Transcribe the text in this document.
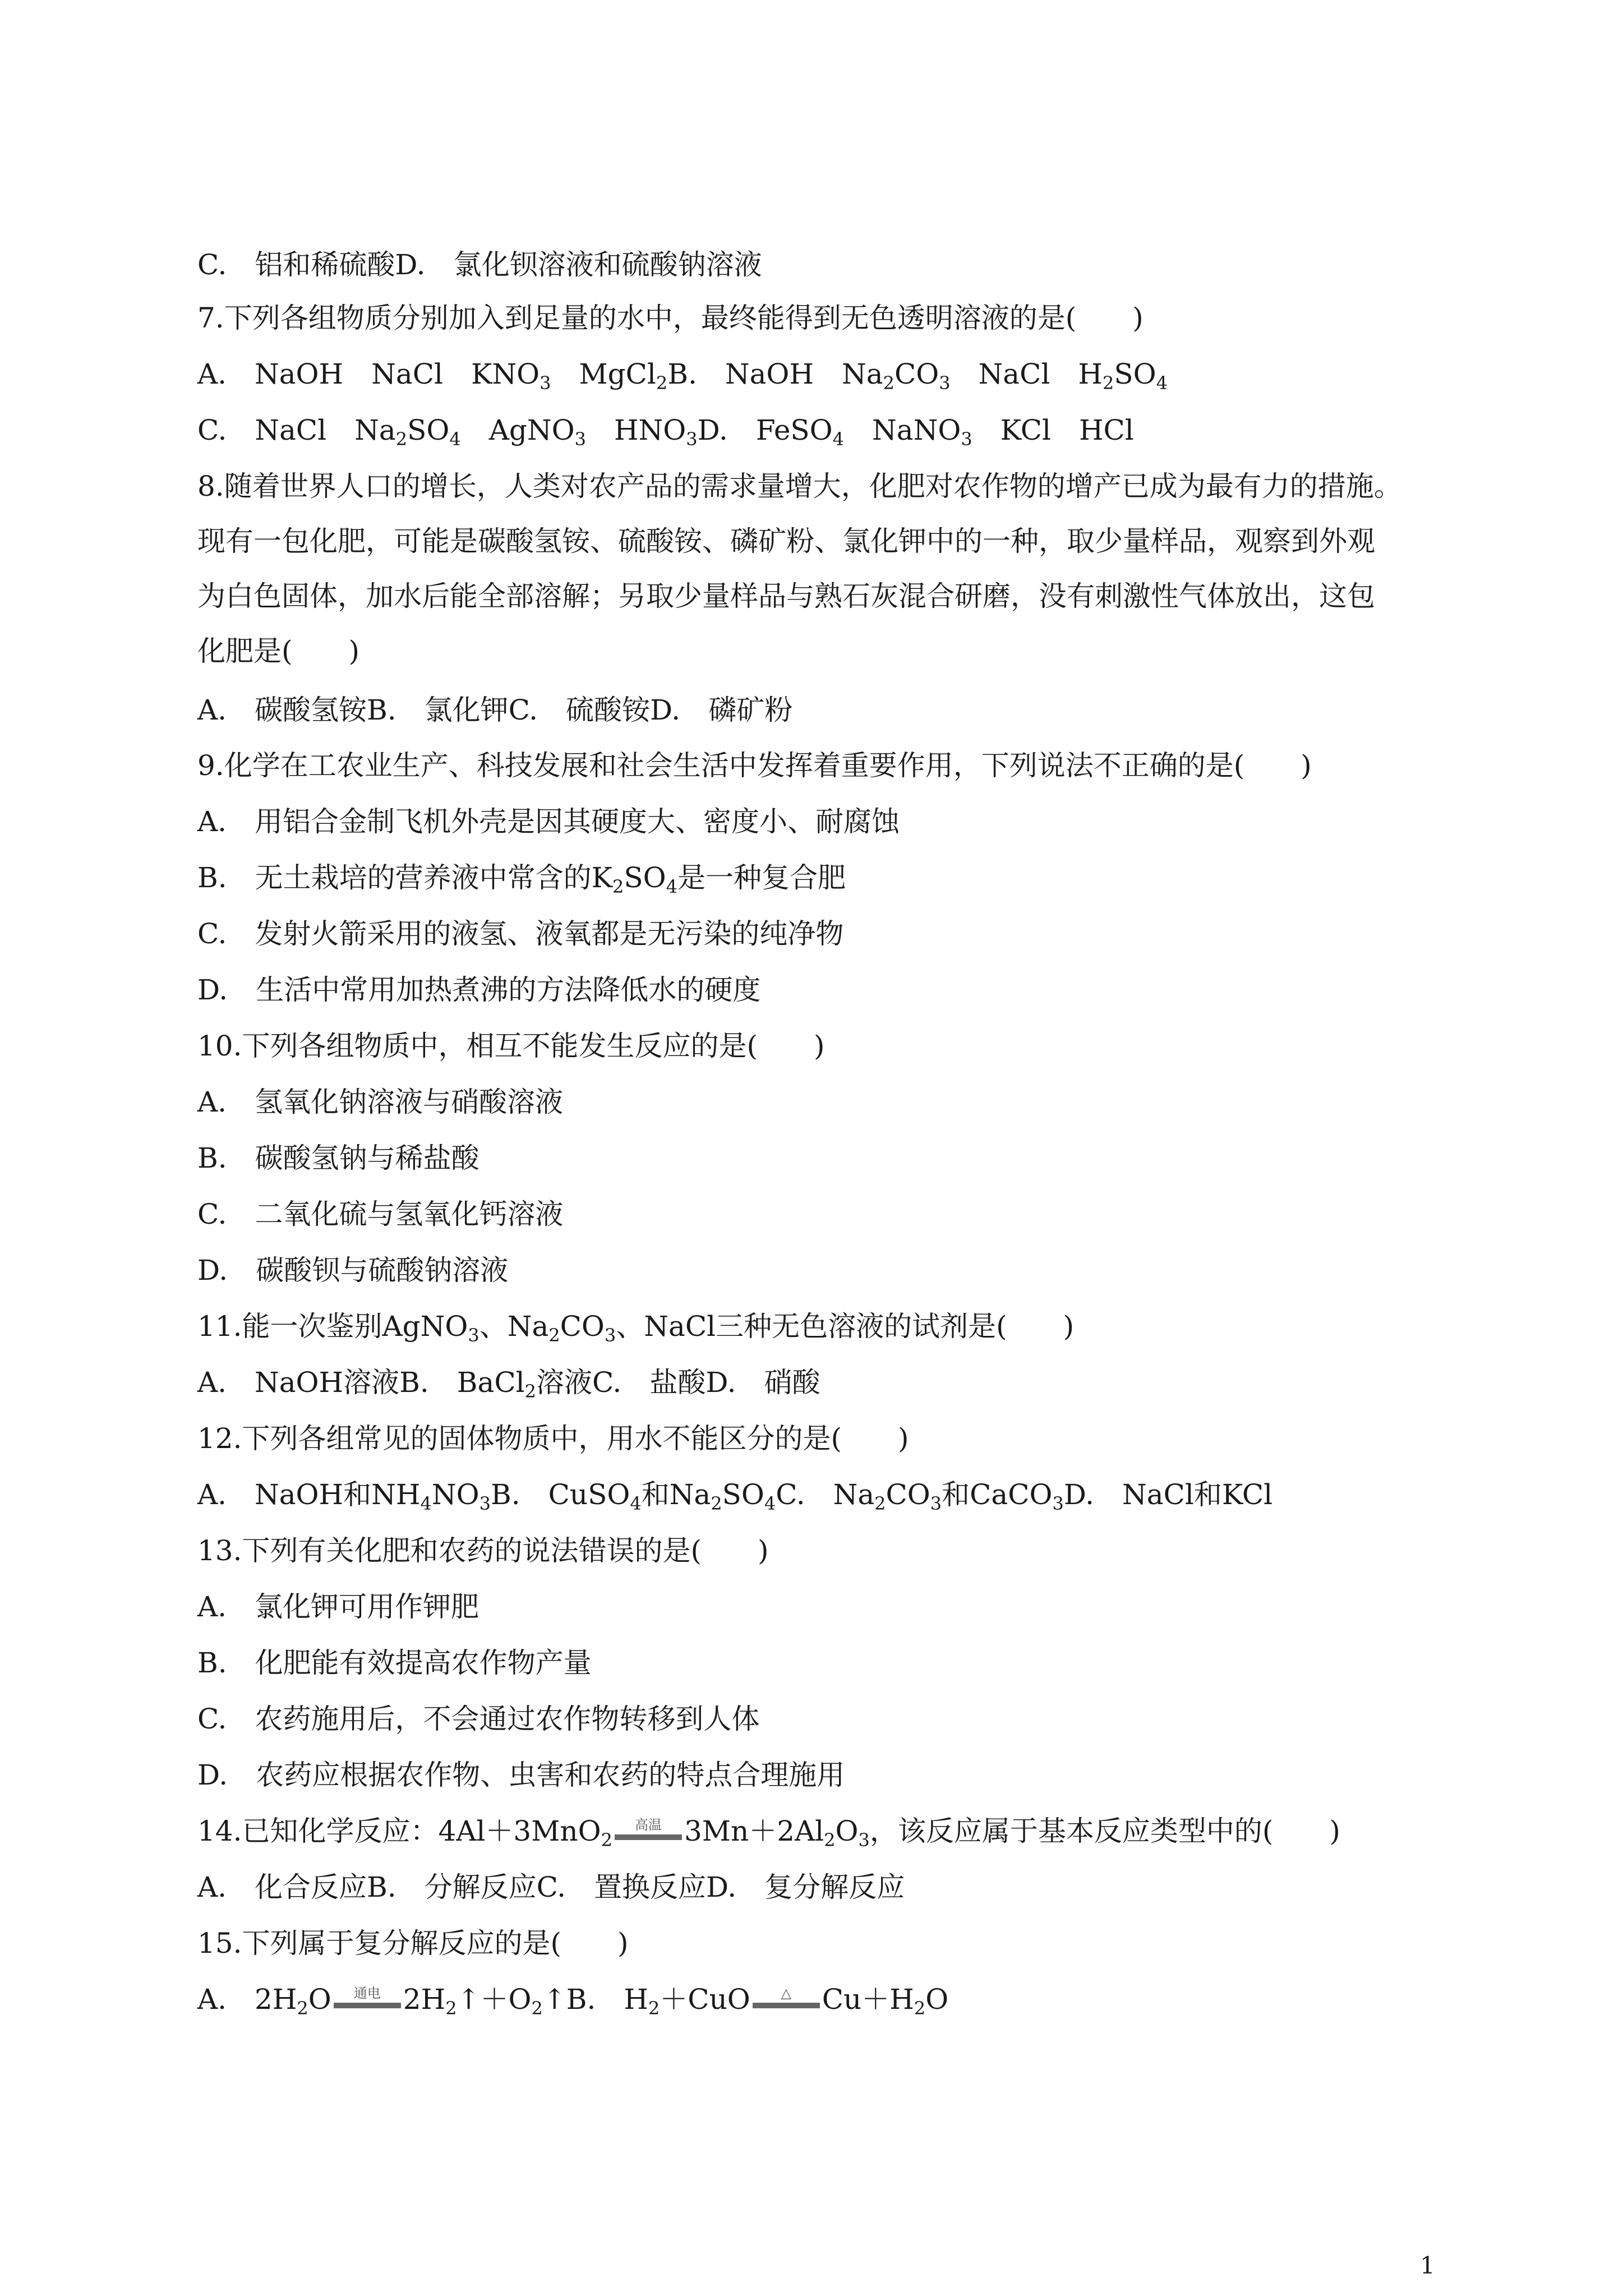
C.　铝和稀硫酸D.　氯化钡溶液和硫酸钠溶液
7.下列各组物质分别加入到足量的水中，最终能得到无色透明溶液的是(　　)
A.　NaOH　NaCl　$KNO_3$　MgCl$_2$B.　NaOH　$Na_2CO_3$　NaCl　$H_2SO_4$
C.　NaCl　$Na_2SO_4$　AgNO$_3$　$HNO_3D$.　FeSO$_4$　NaNO$_3$　KCl　HCl
8.随着世界人口的增长，人类对农产品的需求量增大，化肥对农作物的增产已成为最有力的措施。
现有一包化肥，可能是碳酸氢铵、硫酸铵、磷矿粉、氯化钾中的一种，取少量样品，观察到外观
为白色固体，加水后能全部溶解；另取少量样品与熟石灰混合研磨，没有刺激性气体放出，这包
化肥是(　　)
A.　碳酸氢铵B.　氯化钾C.　硫酸铵D.　磷矿粉
9.化学在工农业生产、科技发展和社会生活中发挥着重要作用，下列说法不正确的是(　　)
A.　用铝合金制飞机外壳是因其硬度大、密度小、耐腐蚀
B.　无土栽培的营养液中常含的$K_2SO_4$是一种复合肥
C.　发射火箭采用的液氢、液氧都是无污染的纯净物
D.　生活中常用加热煮沸的方法降低水的硬度
10.下列各组物质中，相互不能发生反应的是(　　)
A.　氢氧化钠溶液与硝酸溶液
B.　碳酸氢钠与稀盐酸
C.　二氧化硫与氢氧化钙溶液
D.　碳酸钡与硫酸钠溶液
11.能一次鉴别AgNO$_3$、$Na_2CO_3$、NaCl三种无色溶液的试剂是(　　)
A.　NaOH溶液B.　BaCl$_2$溶液C.　盐酸D.　硝酸
12.下列各组常见的固体物质中，用水不能区分的是(　　)
A.　NaOH和$NH_4NO_3B$.　CuSO$_4$和$Na_2SO_4C$.　$Na_2CO_3$和CaCO$_3$D.　NaCl和KCl
13.下列有关化肥和农药的说法错误的是(　　)
A.　氯化钾可用作钾肥
B.　化肥能有效提高农作物产量
C.　农药施用后，不会通过农作物转移到人体
D.　农药应根据农作物、虫害和农药的特点合理施用
14.已知化学反应：4Al＋3MnO$_2$
高温 $3Mn+2Al_2O_3$，该反应属于基本反应类型中的(　　)
A.　化合反应B.　分解反应C.　置换反应D.　复分解反应
15.下列属于复分解反应的是(　　)
A.　$2H_2O$	通电 $2H_2↑+O_2↑B$.　$H_2+CuO$	△	$Cu+H_2O$
1
